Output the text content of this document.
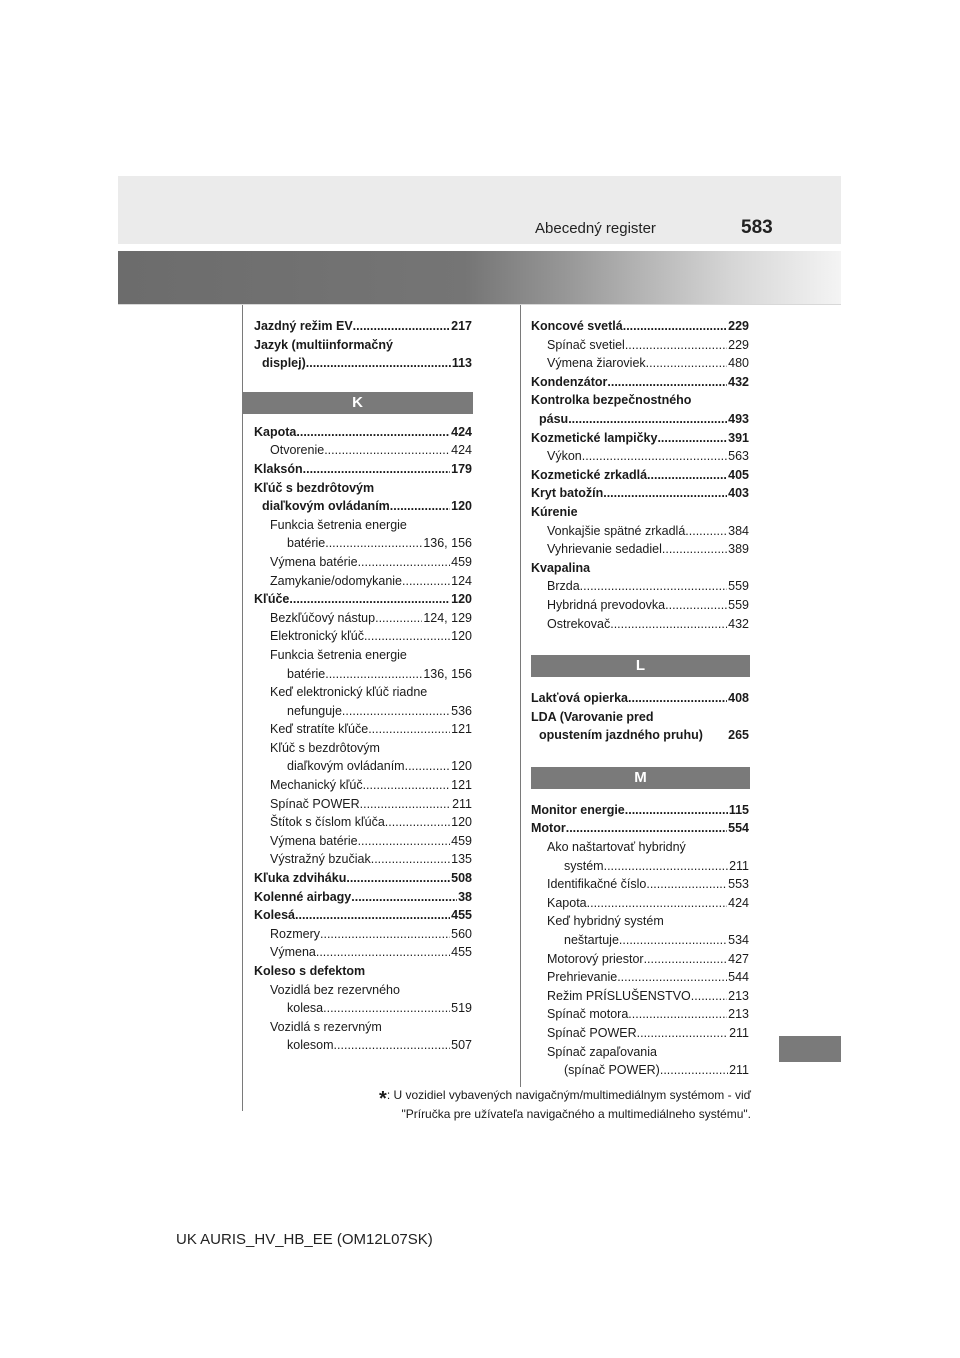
Abecedný register	583
Jazdný režim EV .....	217
Jazyk (multiinformačný
displej) .....	113
K
Kapota .....	424
Otvorenie .....	424
Klaksón .....	179
Kľúč s bezdrôtovým
diaľkovým ovládaním .....	120
Funkcia šetrenia energie
batérie .....	136, 156
Výmena batérie .....	459
Zamykanie/odomykanie .....	124
Kľúče .....	120
Bezkľúčový nástup .....	124, 129
Elektronický kľúč .....	120
Funkcia šetrenia energie
batérie .....	136, 156
Keď elektronický kľúč riadne
nefunguje .....	536
Keď stratíte kľúče .....	121
Kľúč s bezdrôtovým
diaľkovým ovládaním .....	120
Mechanický kľúč .....	121
Spínač POWER .....	211
Štítok s číslom kľúča .....	120
Výmena batérie .....	459
Výstražný bzučiak .....	135
Kľuka zdviháku .....	508
Kolenné airbagy .....	38
Kolesá .....	455
Rozmery .....	560
Výmena .....	455
Koleso s defektom
Vozidlá bez rezervného
kolesa .....	519
Vozidlá s rezervným
kolesom .....	507
Koncové svetlá .....	229
Spínač svetiel .....	229
Výmena žiaroviek .....	480
Kondenzátor .....	432
Kontrolka bezpečnostného
pásu .....	493
Kozmetické lampičky .....	391
Výkon .....	563
Kozmetické zrkadlá .....	405
Kryt batožín .....	403
Kúrenie
Vonkajšie spätné zrkadlá .....	384
Vyhrievanie sedadiel .....	389
Kvapalina
Brzda .....	559
Hybridná prevodovka .....	559
Ostrekovač .....	432
L
Lakťová opierka .....	408
LDA (Varovanie pred
opustením jazdného pruhu) 265
M
Monitor energie .....	115
Motor .....	554
Ako naštartovať hybridný
systém .....	211
Identifikačné číslo .....	553
Kapota .....	424
Keď hybridný systém
neštartuje .....	534
Motorový priestor .....	427
Prehrievanie .....	544
Režim PRÍSLUŠENSTVO .....	213
Spínač motora .....	213
Spínač POWER .....	211
Spínač zapaľovania
(spínač POWER) .....	211
*: U vozidiel vybavených navigačným/multimediálnym systémom - viď
"Príručka pre užívateľa navigačného a multimediálneho systému".
UK AURIS_HV_HB_EE (OM12L07SK)
